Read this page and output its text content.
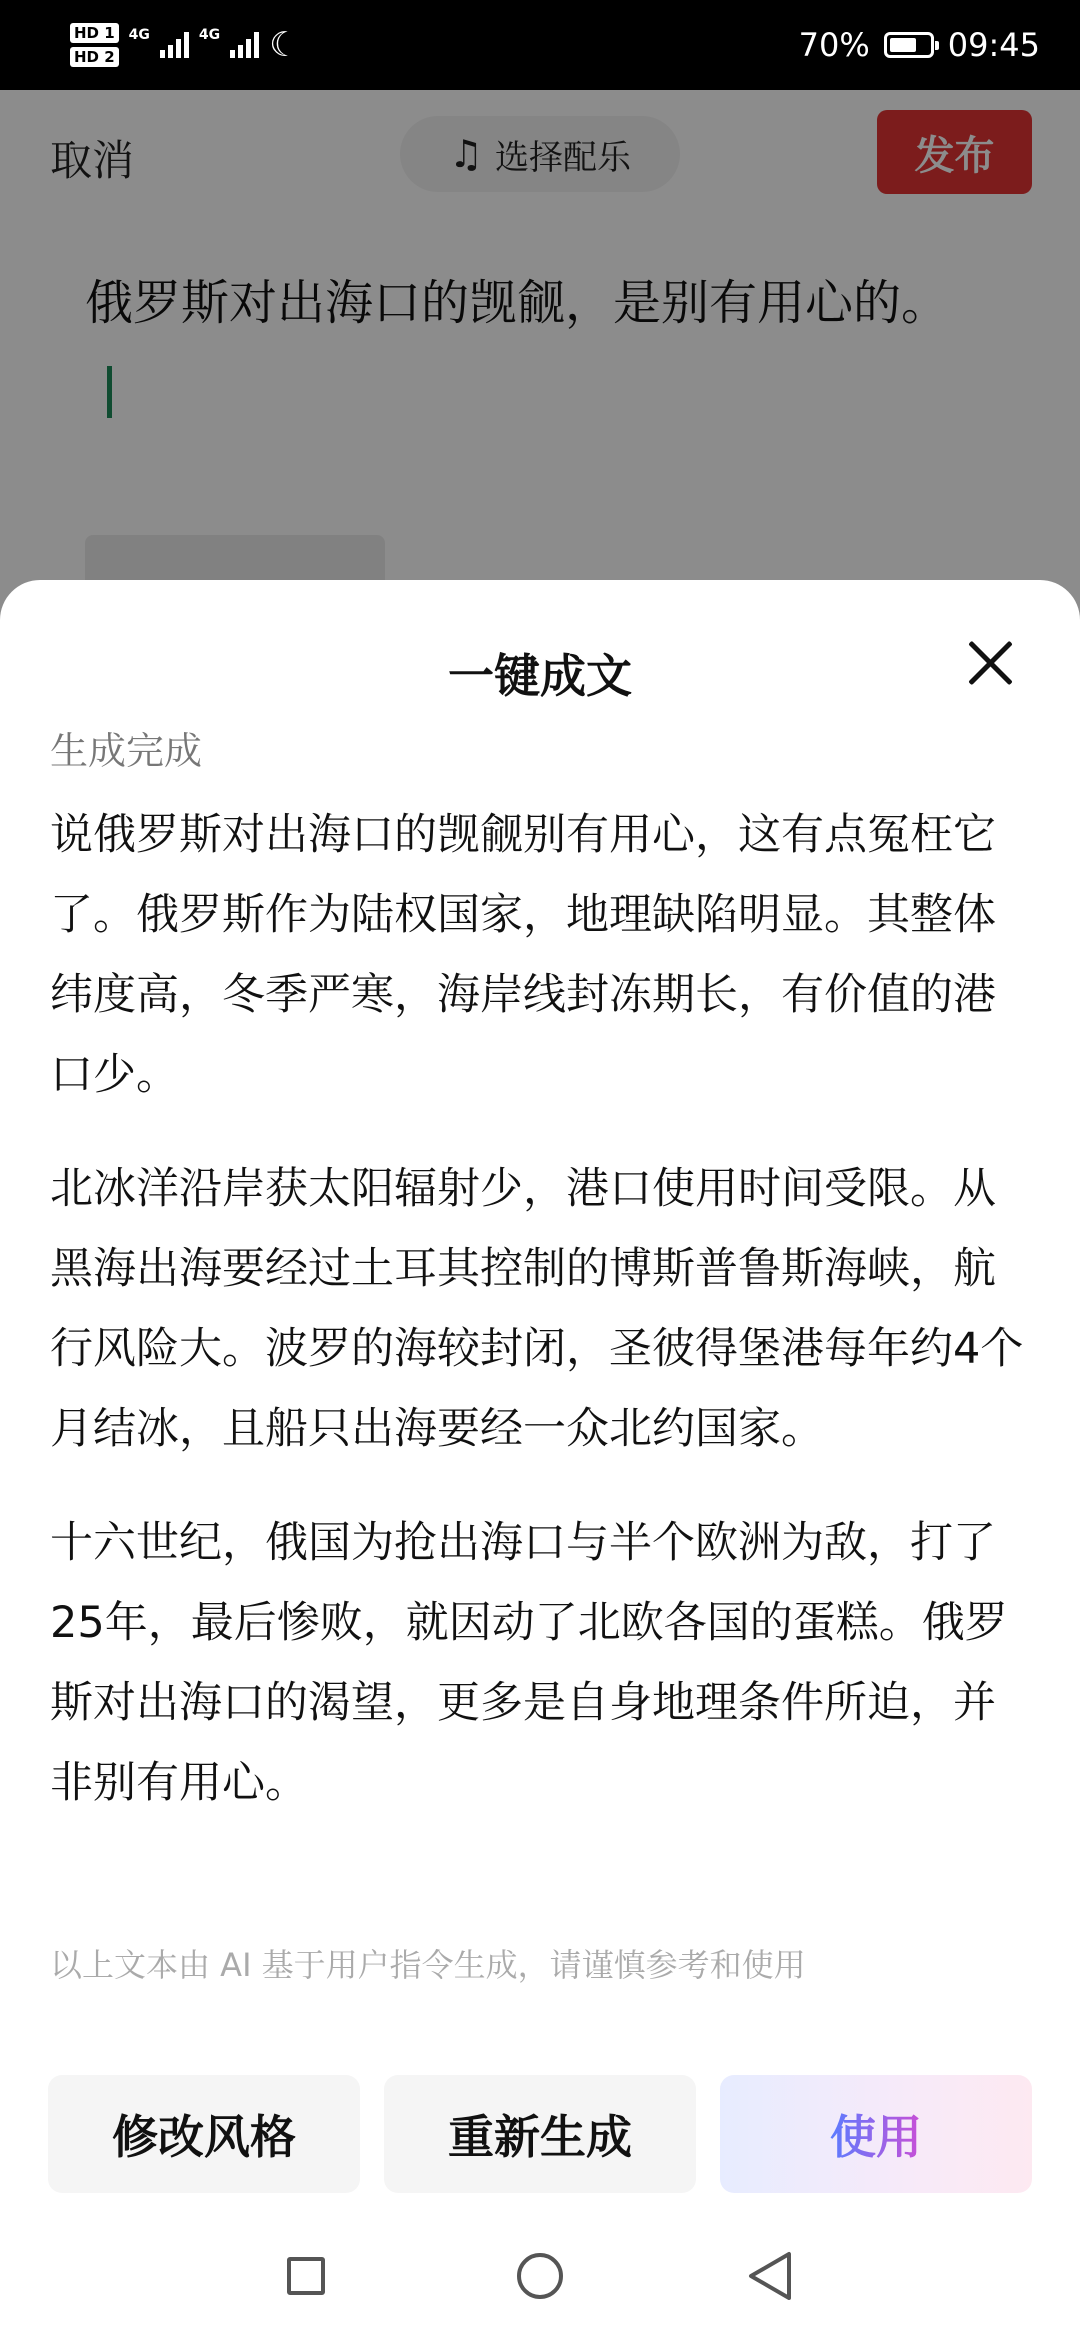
HD 1
HD 2
4G	4G ☾	70% 09:45
取消	♫ 选择配乐	发布
俄罗斯对出海口的觊觎，是别有用心的。
一键成文
生成完成

说俄罗斯对出海口的觊觎别有用心，这有点冤枉它了。俄罗斯作为陆权国家，地理缺陷明显。其整体纬度高，冬季严寒，海岸线封冻期长，有价值的港口少。

北冰洋沿岸获太阳辐射少，港口使用时间受限。从黑海出海要经过土耳其控制的博斯普鲁斯海峡，航行风险大。波罗的海较封闭，圣彼得堡港每年约4个月结冰，且船只出海要经一众北约国家。

十六世纪，俄国为抢出海口与半个欧洲为敌，打了25年，最后惨败，就因动了北欧各国的蛋糕。俄罗斯对出海口的渴望，更多是自身地理条件所迫，并非别有用心。

以上文本由 AI 基于用户指令生成，请谨慎参考和使用
修改风格	重新生成	使用
